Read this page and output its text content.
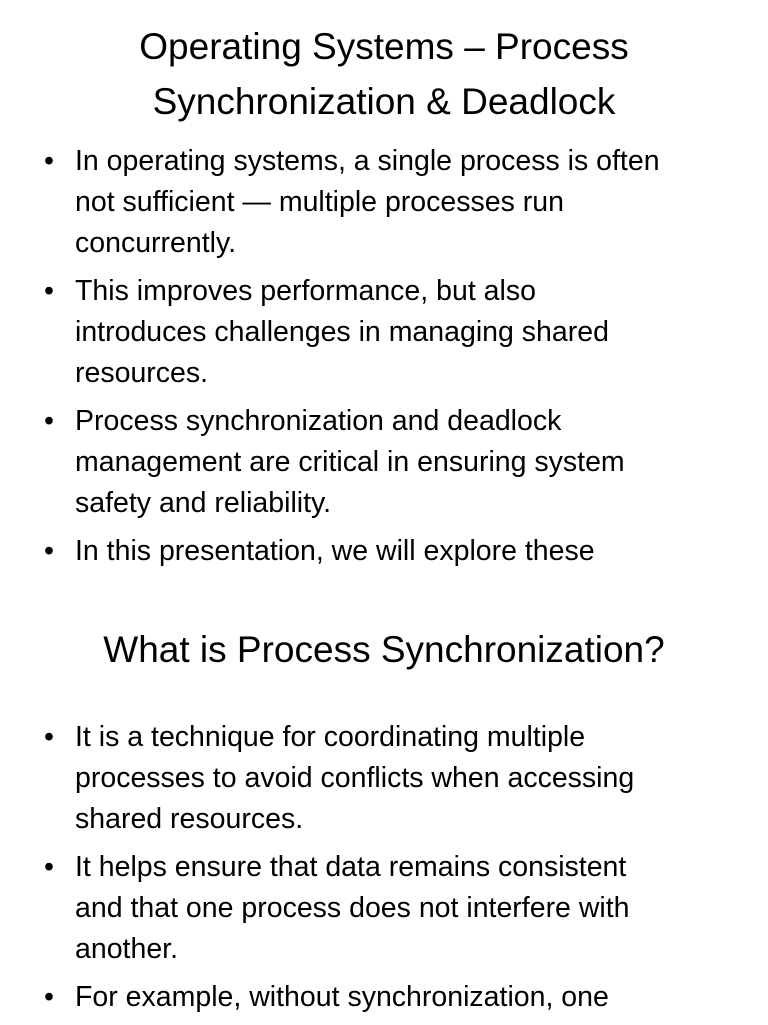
Operating Systems – Process
Synchronization & Deadlock
• In operating systems, a single process is often
not sufficient — multiple processes run
concurrently.
• This improves performance, but also
introduces challenges in managing shared
resources.
• Process synchronization and deadlock
management are critical in ensuring system
safety and reliability.
• In this presentation, we will explore these
What is Process Synchronization?
• It is a technique for coordinating multiple
processes to avoid conflicts when accessing
shared resources.
• It helps ensure that data remains consistent
and that one process does not interfere with
another.
• For example, without synchronization, one
